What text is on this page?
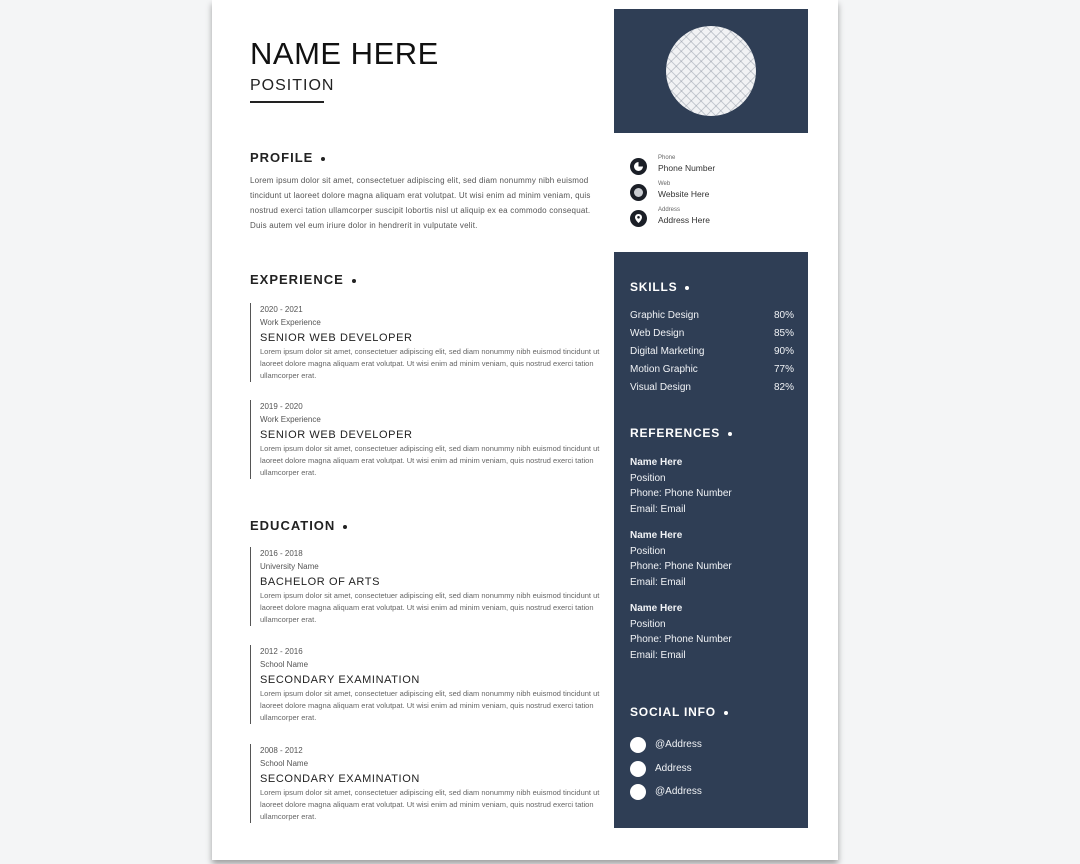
NAME HERE
POSITION
PROFILE
Lorem ipsum dolor sit amet, consectetuer adipiscing elit, sed diam nonummy nibh euismod tincidunt ut laoreet dolore magna aliquam erat volutpat. Ut wisi enim ad minim veniam, quis nostrud exerci tation ullamcorper suscipit lobortis nisl ut aliquip ex ea commodo consequat. Duis autem vel eum iriure dolor in hendrerit in vulputate velit.
EXPERIENCE
2020 - 2021
Work Experience
SENIOR WEB DEVELOPER
Lorem ipsum dolor sit amet, consectetuer adipiscing elit, sed diam nonummy nibh euismod tincidunt ut laoreet dolore magna aliquam erat volutpat. Ut wisi enim ad minim veniam, quis nostrud exerci tation ullamcorper erat.
2019 - 2020
Work Experience
SENIOR WEB DEVELOPER
Lorem ipsum dolor sit amet, consectetuer adipiscing elit, sed diam nonummy nibh euismod tincidunt ut laoreet dolore magna aliquam erat volutpat. Ut wisi enim ad minim veniam, quis nostrud exerci tation ullamcorper erat.
EDUCATION
2016 - 2018
University Name
BACHELOR OF ARTS
Lorem ipsum dolor sit amet, consectetuer adipiscing elit, sed diam nonummy nibh euismod tincidunt ut laoreet dolore magna aliquam erat volutpat. Ut wisi enim ad minim veniam, quis nostrud exerci tation ullamcorper erat.
2012 - 2016
School Name
SECONDARY EXAMINATION
Lorem ipsum dolor sit amet, consectetuer adipiscing elit, sed diam nonummy nibh euismod tincidunt ut laoreet dolore magna aliquam erat volutpat. Ut wisi enim ad minim veniam, quis nostrud exerci tation ullamcorper erat.
2008 - 2012
School Name
SECONDARY EXAMINATION
Lorem ipsum dolor sit amet, consectetuer adipiscing elit, sed diam nonummy nibh euismod tincidunt ut laoreet dolore magna aliquam erat volutpat. Ut wisi enim ad minim veniam, quis nostrud exerci tation ullamcorper erat.
Phone
Phone Number
Web
Website Here
Address
Address Here
SKILLS
Graphic Design	80%
Web Design	85%
Digital Marketing	90%
Motion Graphic	77%
Visual Design	82%
REFERENCES
Name Here
Position
Phone: Phone Number
Email: Email
Name Here
Position
Phone: Phone Number
Email: Email
Name Here
Position
Phone: Phone Number
Email: Email
SOCIAL INFO
@Address
Address
@Address
